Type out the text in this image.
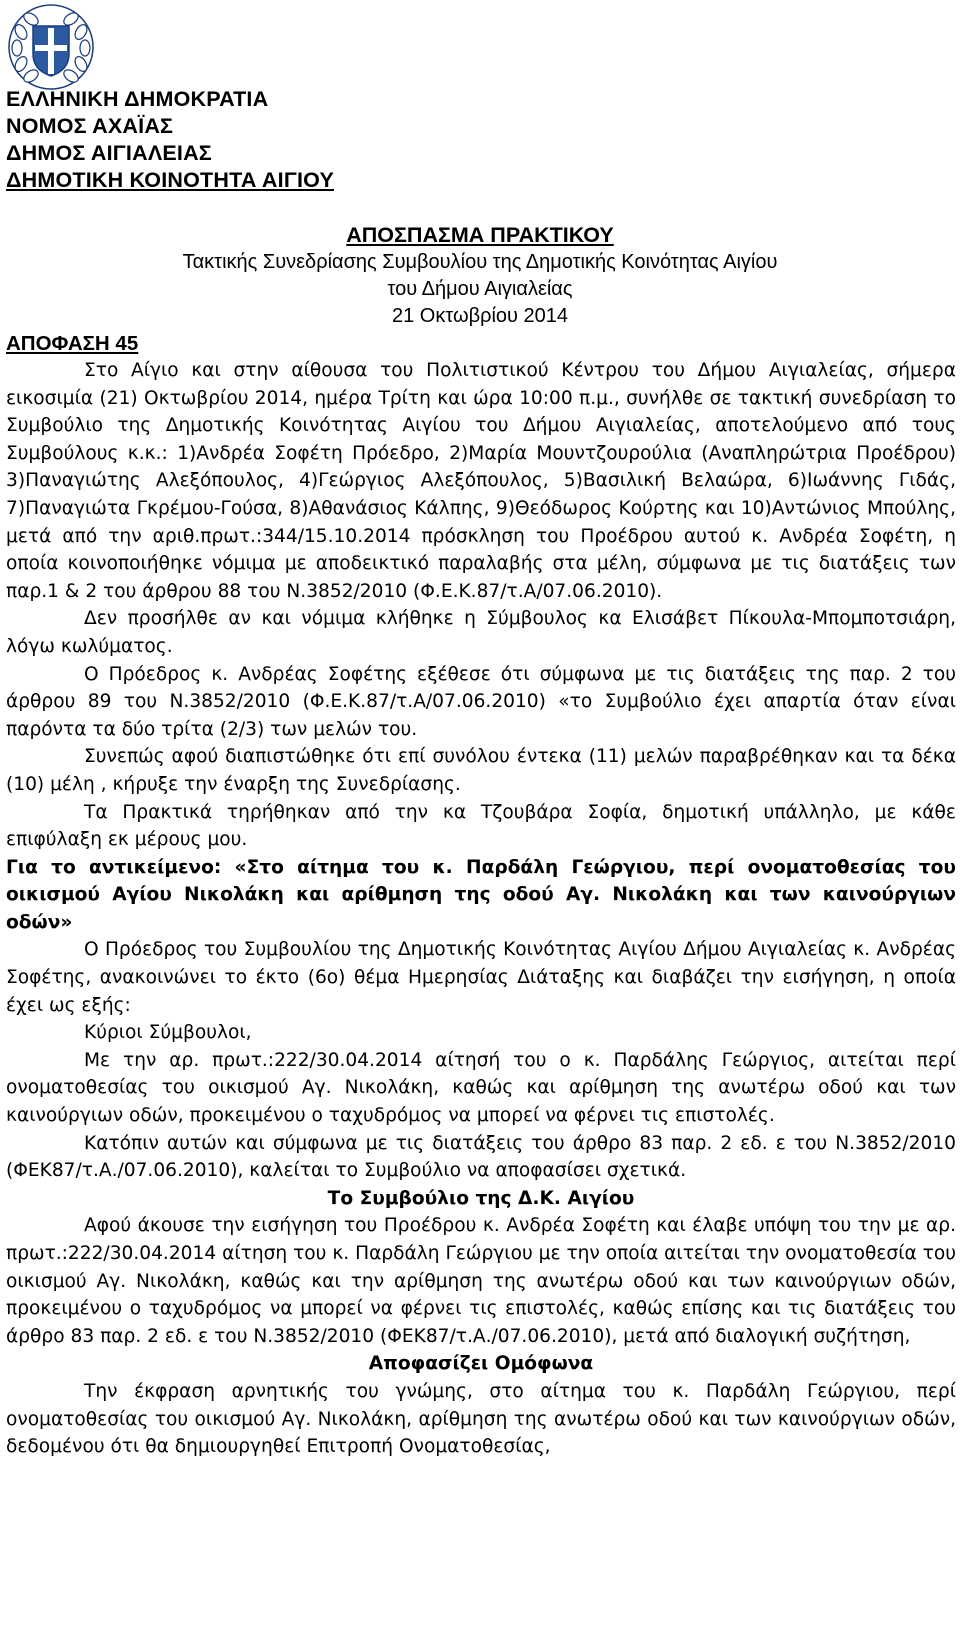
ΕΛΛΗΝΙΚΗ ΔΗΜΟΚΡΑΤΙΑ
ΝΟΜΟΣ ΑΧΑΪΑΣ
ΔΗΜΟΣ ΑΙΓΙΑΛΕΙΑΣ
ΔΗΜΟΤΙΚΗ ΚΟΙΝΟΤΗΤΑ ΑΙΓΙΟΥ
ΑΠΟΣΠΑΣΜΑ ΠΡΑΚΤΙΚΟΥ
Τακτικής Συνεδρίασης Συμβουλίου της Δημοτικής Κοινότητας Αιγίου
του Δήμου Αιγιαλείας
21 Οκτωβρίου 2014
ΑΠΟΦΑΣΗ 45

Στο Αίγιο και στην αίθουσα του Πολιτιστικού Κέντρου του Δήμου Αιγιαλείας, σήμερα εικοσιμία (21) Οκτωβρίου 2014, ημέρα Τρίτη και ώρα 10:00 π.μ., συνήλθε σε τακτική συνεδρίαση το Συμβούλιο της Δημοτικής Κοινότητας Αιγίου του Δήμου Αιγιαλείας, αποτελούμενο από τους Συμβούλους κ.κ.: 1)Ανδρέα Σοφέτη Πρόεδρο, 2)Μαρία Μουντζουρούλια (Αναπληρώτρια Προέδρου) 3)Παναγιώτης Αλεξόπουλος, 4)Γεώργιος Αλεξόπουλος, 5)Βασιλική Βελαώρα, 6)Ιωάννης Γιδάς, 7)Παναγιώτα Γκρέμου-Γούσα, 8)Αθανάσιος Κάλπης, 9)Θεόδωρος Κούρτης και 10)Αντώνιος Μπούλης, μετά από την αριθ.πρωτ.:344/15.10.2014 πρόσκληση του Προέδρου αυτού κ. Ανδρέα Σοφέτη, η οποία κοινοποιήθηκε νόμιμα με αποδεικτικό παραλαβής στα μέλη, σύμφωνα με τις διατάξεις των παρ.1 & 2 του άρθρου 88 του Ν.3852/2010 (Φ.Ε.Κ.87/τ.Α/07.06.2010).

Δεν προσήλθε αν και νόμιμα κλήθηκε η Σύμβουλος κα Ελισάβετ Πίκουλα-Μπομποτσιάρη, λόγω κωλύματος.

Ο Πρόεδρος κ. Ανδρέας Σοφέτης εξέθεσε ότι σύμφωνα με τις διατάξεις της παρ. 2 του άρθρου 89 του Ν.3852/2010 (Φ.Ε.Κ.87/τ.Α/07.06.2010) «το Συμβούλιο έχει απαρτία όταν είναι παρόντα τα δύο τρίτα (2/3) των μελών του.

Συνεπώς αφού διαπιστώθηκε ότι επί συνόλου έντεκα (11) μελών παραβρέθηκαν και τα δέκα (10) μέλη , κήρυξε την έναρξη της Συνεδρίασης.

Τα Πρακτικά τηρήθηκαν από την κα Τζουβάρα Σοφία, δημοτική υπάλληλο, με κάθε επιφύλαξη εκ μέρους μου.

Για το αντικείμενο: «Στο αίτημα του κ. Παρδάλη Γεώργιου, περί ονοματοθεσίας του οικισμού Αγίου Νικολάκη και αρίθμηση της οδού Αγ. Νικολάκη και των καινούργιων οδών»

Ο Πρόεδρος του Συμβουλίου της Δημοτικής Κοινότητας Αιγίου Δήμου Αιγιαλείας κ. Ανδρέας Σοφέτης, ανακοινώνει το έκτο (6ο) θέμα Ημερησίας Διάταξης και διαβάζει την εισήγηση, η οποία έχει ως εξής:

Κύριοι Σύμβουλοι,

Με την αρ. πρωτ.:222/30.04.2014 αίτησή του ο κ. Παρδάλης Γεώργιος, αιτείται περί ονοματοθεσίας του οικισμού Αγ. Νικολάκη, καθώς και αρίθμηση της ανωτέρω οδού και των καινούργιων οδών, προκειμένου ο ταχυδρόμος να μπορεί να φέρνει τις επιστολές.

Κατόπιν αυτών και σύμφωνα με τις διατάξεις του άρθρο 83 παρ. 2 εδ. ε του Ν.3852/2010 (ΦΕΚ87/τ.Α./07.06.2010), καλείται το Συμβούλιο να αποφασίσει σχετικά.

Το Συμβούλιο της Δ.Κ. Αιγίου

Αφού άκουσε την εισήγηση του Προέδρου κ. Ανδρέα Σοφέτη και έλαβε υπόψη του την με αρ. πρωτ.:222/30.04.2014 αίτηση του κ. Παρδάλη Γεώργιου με την οποία αιτείται την ονοματοθεσία του οικισμού Αγ. Νικολάκη, καθώς και την αρίθμηση της ανωτέρω οδού και των καινούργιων οδών, προκειμένου ο ταχυδρόμος να μπορεί να φέρνει τις επιστολές, καθώς επίσης και τις διατάξεις του άρθρο 83 παρ. 2 εδ. ε του Ν.3852/2010 (ΦΕΚ87/τ.Α./07.06.2010), μετά από διαλογική συζήτηση,

Αποφασίζει Ομόφωνα

Την έκφραση αρνητικής του γνώμης, στο αίτημα του κ. Παρδάλη Γεώργιου, περί ονοματοθεσίας του οικισμού Αγ. Νικολάκη, αρίθμηση της ανωτέρω οδού και των καινούργιων οδών, δεδομένου ότι θα δημιουργηθεί Επιτροπή Ονοματοθεσίας,
